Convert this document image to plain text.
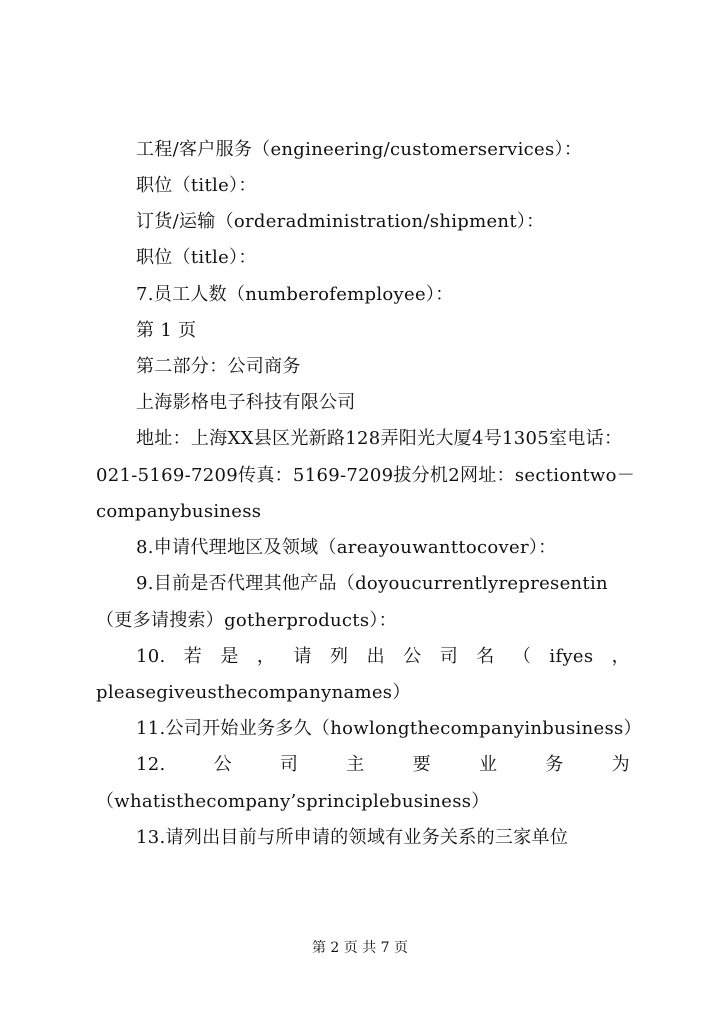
工程/客户服务（engineering/customerservices）：
职位（title）：
订货/运输（orderadministration/shipment）：
职位（title）：
7.员工人数（numberofemployee）：
第 1 页
第二部分：公司商务
上海影格电子科技有限公司
地址：上海XX县区光新路128弄阳光大厦4号1305室电话：
021-5169-7209传真：5169-7209拔分机2网址：sectiontwo－
companybusiness
8.申请代理地区及领域（areayouwanttocover）：
9.目前是否代理其他产品（doyoucurrentlyrepresentin
（更多请搜索）gotherproducts）：
10. 若 是 ， 请 列 出 公 司 名 （ ifyes ，
pleasegiveusthecompanynames）
11.公司开始业务多久（howlongthecompanyinbusiness）
12.	公	司	主	要	业	务	为
（whatisthecompany’sprinciplebusiness）
13.请列出目前与所申请的领域有业务关系的三家单位
第 2 页 共 7 页
